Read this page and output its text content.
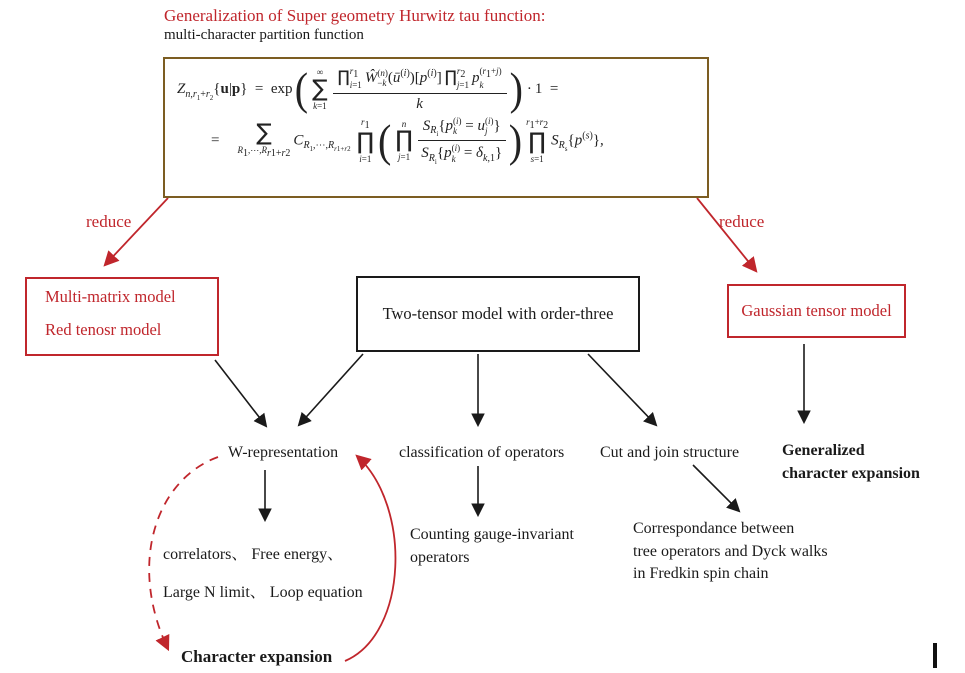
Generalization of Super geometry Hurwitz tau function:
multi-character partition function
$Z_{n,r_1+r_2}\{u|p\}$ = exp ( ∞
∑
k=1 ∏ $r_1$
i=1
  Ŵ (n)
−k $(ū^{(i)})[p^{(i)}]$ ∏ $r_2$
j=1
  p $(r_1+j)$
k
k ) · 1 =
=  ∑
$R_1,\cdots,R_{r1+r2}$
$C_{R_1,\cdots,R_{r1+r2}}$ 
$r_1$
∏
i=1 ( n
∏
j=1 $S_{R_i}\{p$ (i)
k = u (i)
j }
$S_{R_i}\{p$ (i)
$k = \delta_{k,1}$} ) $r_1+r_2$
∏
s=1
$S_{R_s}\{p^{(s)}\}$,
reduce	reduce
Multi-matrix model
Red tenosr model
Two-tensor model with order-three	Gaussian tensor model
W-representation	classification of operators Cut and join structure	Generalized
character expansion
correlators、 Free energy、
Large N limit、 Loop equation
Counting gauge-invariant
operators
Correspondance between
tree operators and Dyck walks
in Fredkin spin chain
Character expansion
